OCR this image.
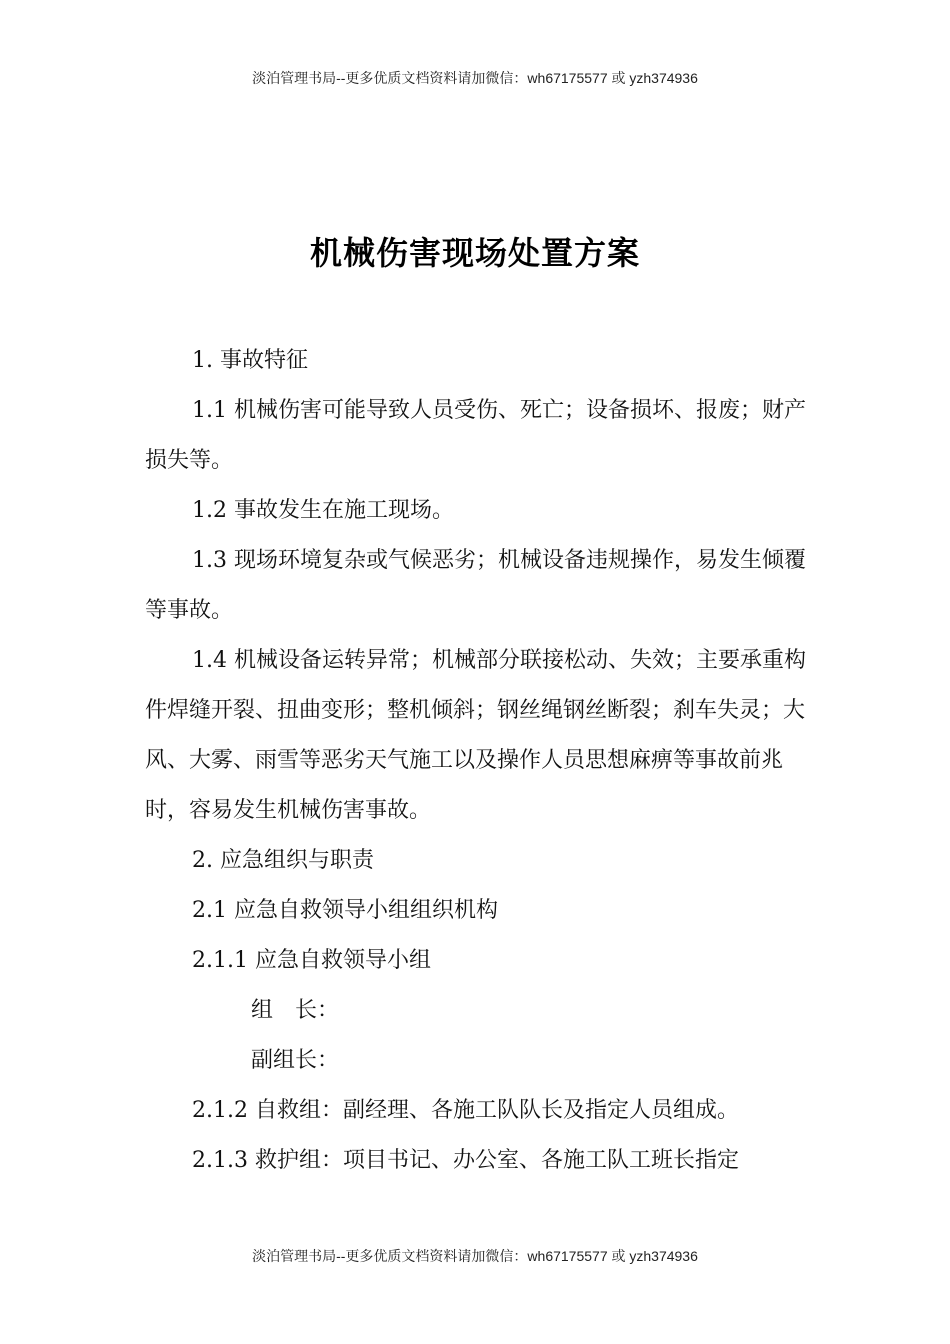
淡泊管理书局--更多优质文档资料请加微信：wh67175577 或 yzh374936
机械伤害现场处置方案

1. 事故特征

1.1 机械伤害可能导致人员受伤、死亡；设备损坏、报废；财产损失等。

1.2 事故发生在施工现场。

1.3 现场环境复杂或气候恶劣；机械设备违规操作，易发生倾覆等事故。

1.4 机械设备运转异常；机械部分联接松动、失效；主要承重构件焊缝开裂、扭曲变形；整机倾斜；钢丝绳钢丝断裂；刹车失灵；大风、大雾、雨雪等恶劣天气施工以及操作人员思想麻痹等事故前兆时，容易发生机械伤害事故。

2. 应急组织与职责

2.1 应急自救领导小组组织机构

2.1.1 应急自救领导小组

组　长：

副组长：

2.1.2 自救组：副经理、各施工队队长及指定人员组成。

2.1.3 救护组：项目书记、办公室、各施工队工班长指定

淡泊管理书局--更多优质文档资料请加微信：wh67175577 或 yzh374936
